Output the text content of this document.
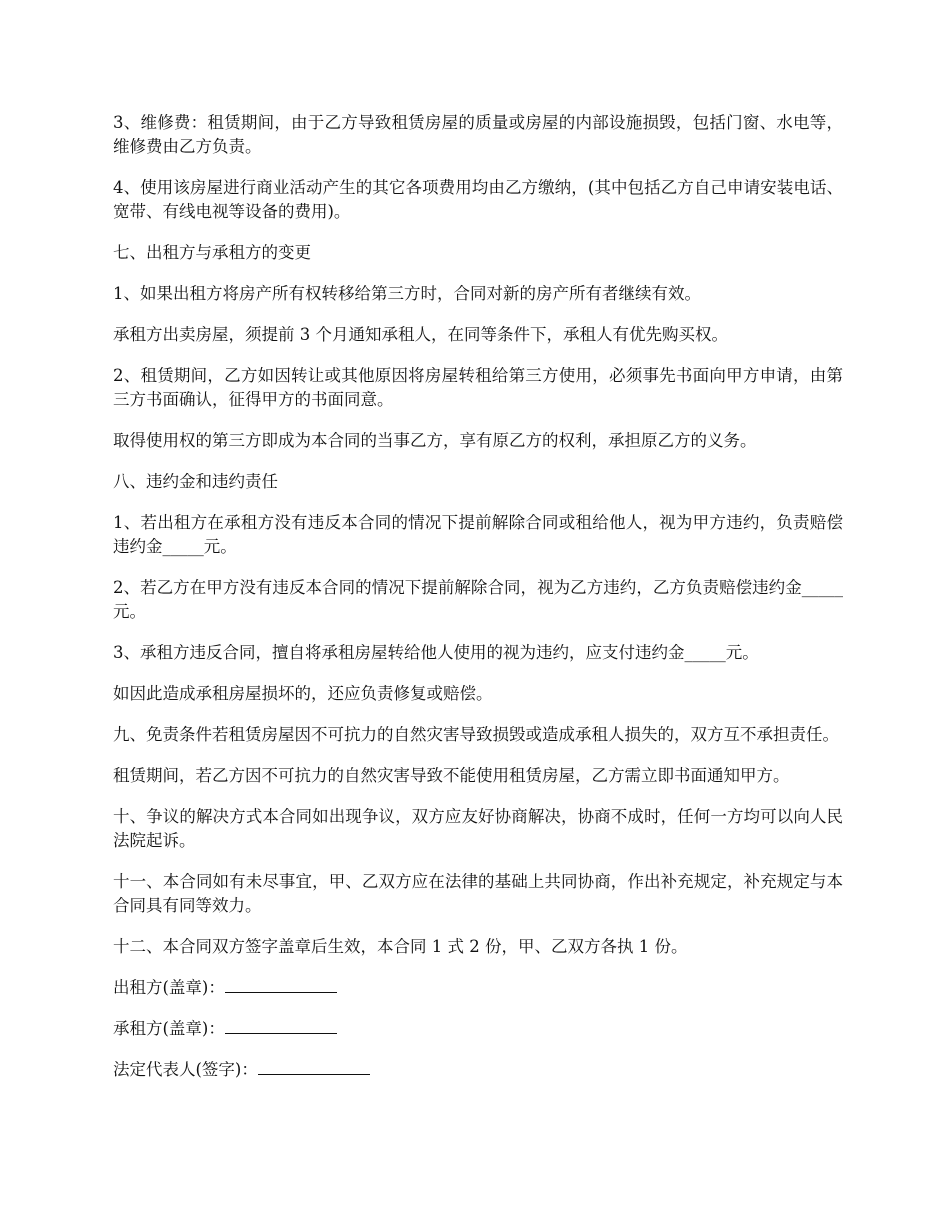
3、维修费：租赁期间，由于乙方导致租赁房屋的质量或房屋的内部设施损毁，包括门窗、水电等，维修费由乙方负责。

4、使用该房屋进行商业活动产生的其它各项费用均由乙方缴纳，(其中包括乙方自己申请安装电话、宽带、有线电视等设备的费用)。

七、出租方与承租方的变更

1、如果出租方将房产所有权转移给第三方时，合同对新的房产所有者继续有效。

承租方出卖房屋，须提前 3 个月通知承租人，在同等条件下，承租人有优先购买权。

2、租赁期间，乙方如因转让或其他原因将房屋转租给第三方使用，必须事先书面向甲方申请，由第三方书面确认，征得甲方的书面同意。

取得使用权的第三方即成为本合同的当事乙方，享有原乙方的权利，承担原乙方的义务。

八、违约金和违约责任

1、若出租方在承租方没有违反本合同的情况下提前解除合同或租给他人，视为甲方违约，负责赔偿违约金_____元。

2、若乙方在甲方没有违反本合同的情况下提前解除合同，视为乙方违约，乙方负责赔偿违约金_____元。

3、承租方违反合同，擅自将承租房屋转给他人使用的视为违约，应支付违约金_____元。

如因此造成承租房屋损坏的，还应负责修复或赔偿。

九、免责条件若租赁房屋因不可抗力的自然灾害导致损毁或造成承租人损失的，双方互不承担责任。

租赁期间，若乙方因不可抗力的自然灾害导致不能使用租赁房屋，乙方需立即书面通知甲方。

十、争议的解决方式本合同如出现争议，双方应友好协商解决，协商不成时，任何一方均可以向人民法院起诉。

十一、本合同如有未尽事宜，甲、乙双方应在法律的基础上共同协商，作出补充规定，补充规定与本合同具有同等效力。

十二、本合同双方签字盖章后生效，本合同 1 式 2 份，甲、乙双方各执 1 份。

出租方(盖章)：

承租方(盖章)：

法定代表人(签字)：
